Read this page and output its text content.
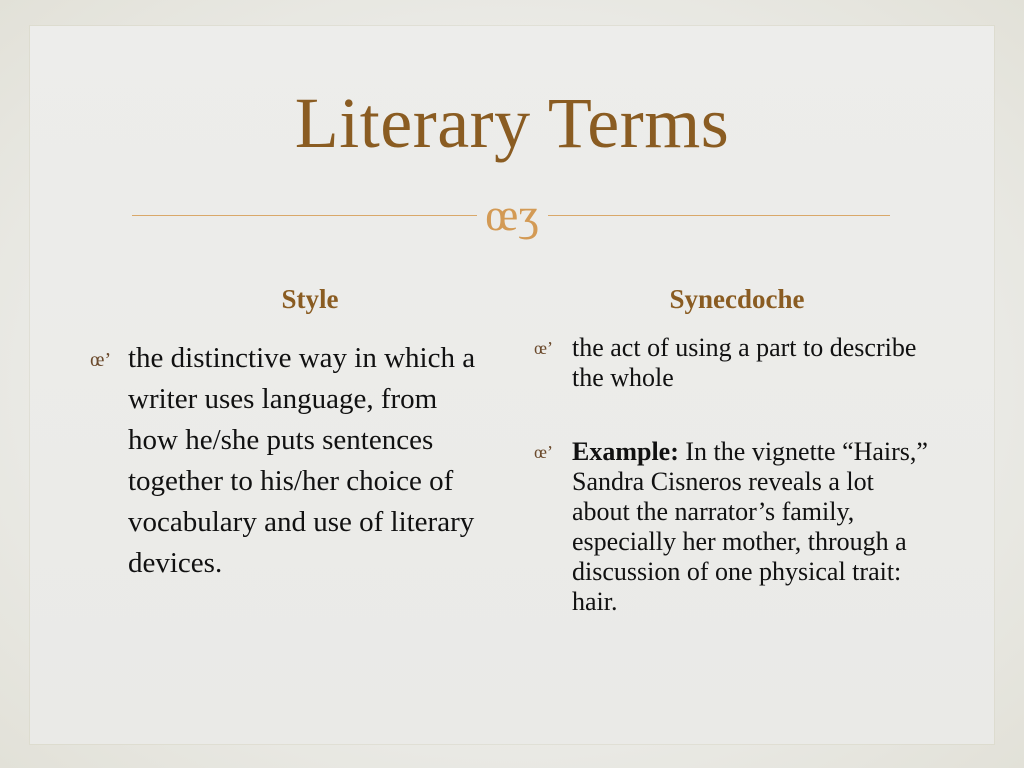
Literary Terms
œʒ
Style	Synecdoche
œ’ the distinctive way in which a writer uses language, from how he/she puts sentences together to his/her choice of vocabulary and use of literary devices.
œ’ the act of using a part to describe the whole
œ’ Example: In the vignette “Hairs,” Sandra Cisneros reveals a lot about the narrator’s family, especially her mother, through a discussion of one physical trait: hair.
